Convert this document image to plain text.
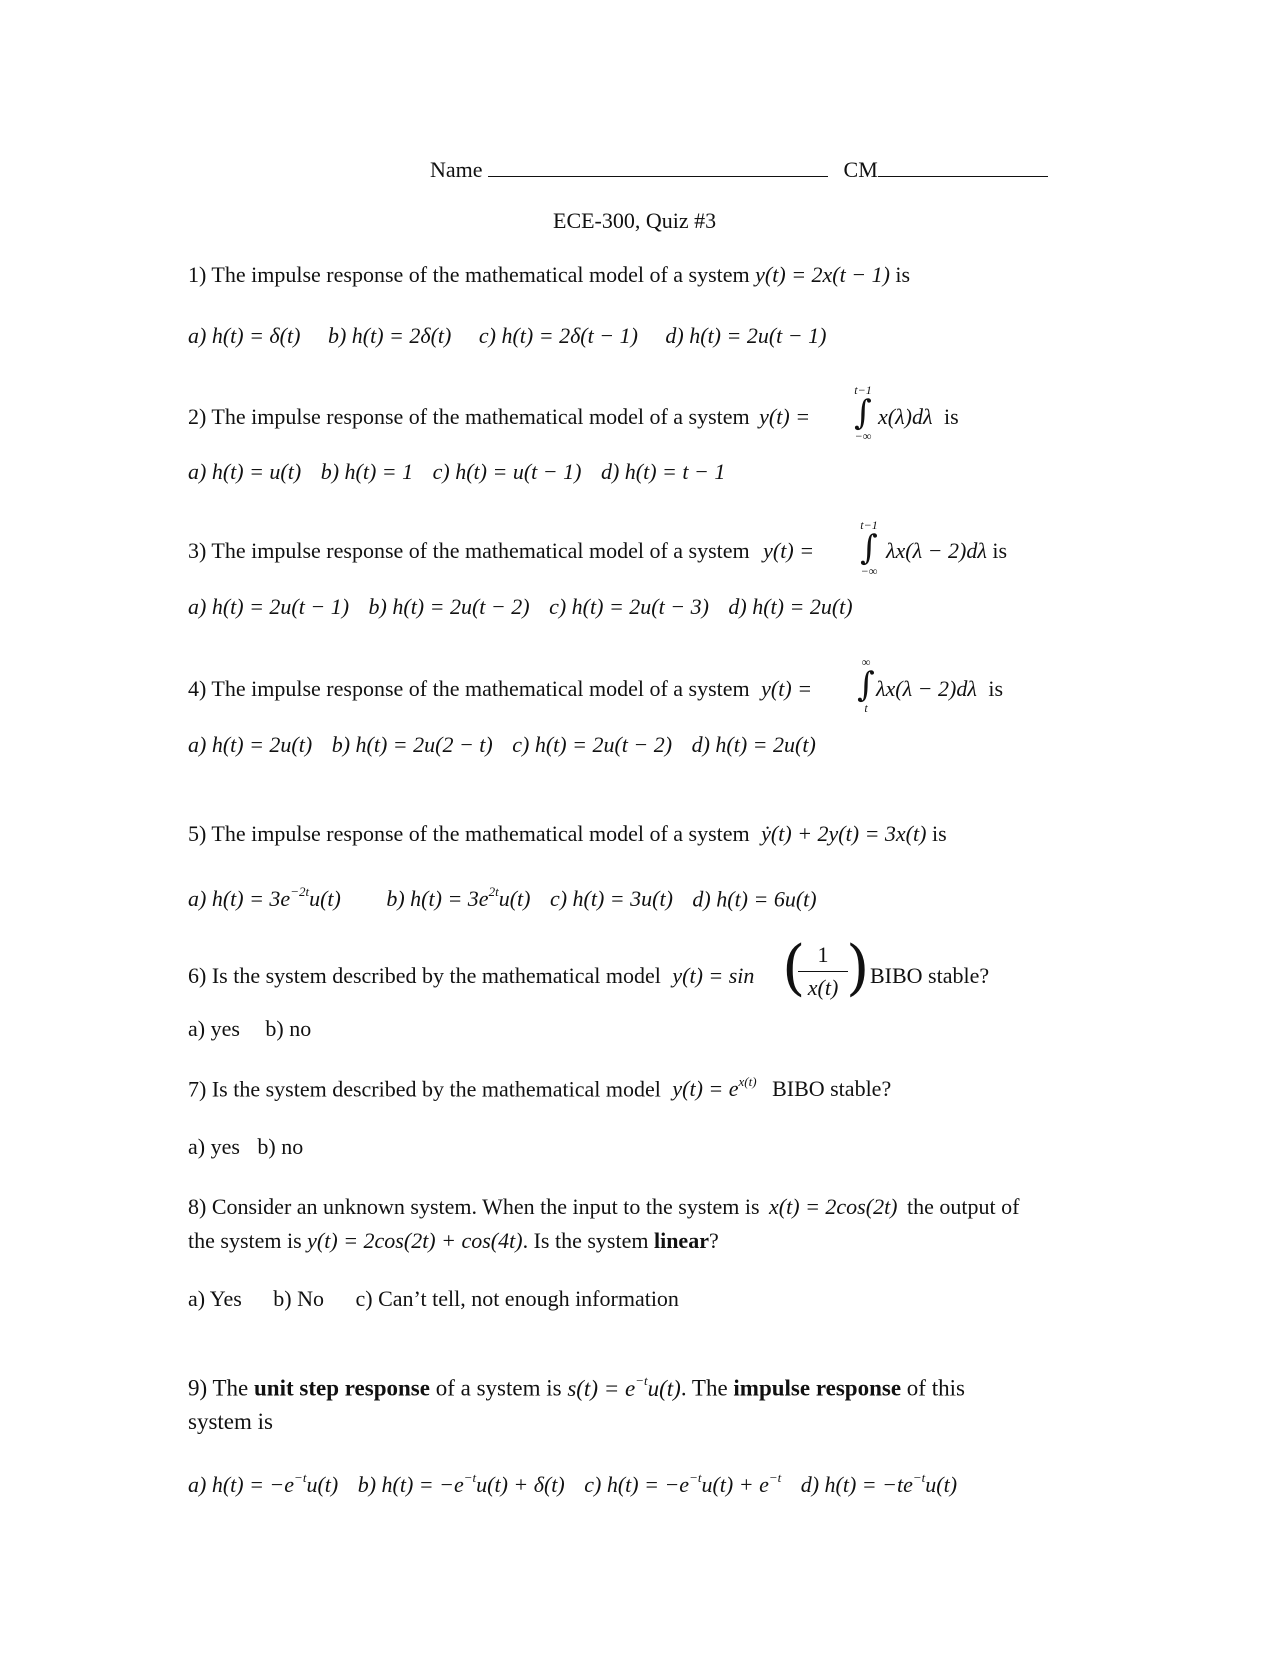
Name	CM
ECE-300, Quiz #3
1) The impulse response of the mathematical model of a system y(t) = 2x(t − 1) is
a) h(t) = δ(t) b) h(t) = 2δ(t) c) h(t) = 2δ(t − 1) d) h(t) = 2u(t − 1)
2) The impulse response of the mathematical model of a system y(t) =
t−1
∫
−∞
x(λ)dλ is
a) h(t) = u(t) b) h(t) = 1 c) h(t) = u(t − 1) d) h(t) = t − 1
3) The impulse response of the mathematical model of a system y(t) =
t−1
∫
−∞
λx(λ − 2)dλ is
a) h(t) = 2u(t − 1) b) h(t) = 2u(t − 2) c) h(t) = 2u(t − 3) d) h(t) = 2u(t)
4) The impulse response of the mathematical model of a system y(t) =
∞
∫
t
λx(λ − 2)dλ is
a) h(t) = 2u(t) b) h(t) = 2u(2 − t) c) h(t) = 2u(t − 2) d) h(t) = 2u(t)
5) The impulse response of the mathematical model of a system ẏ(t) + 2y(t) = 3x(t) is
a) $h(t) = 3e^{-2t}u(t)$ b) $h(t) = 3e^{2t}u(t)$ c) h(t) = 3u(t) d) h(t) = 6u(t)
6) Is the system described by the mathematical model y(t) = sin (
$\frac{1}{x(t)}$
) BIBO stable?
a) yes b) no
7) Is the system described by the mathematical model $y(t) = e^{x(t)}$ BIBO stable?
a) yes b) no
8) Consider an unknown system. When the input to the system is x(t) = 2cos(2t) the output of
the system is y(t) = 2cos(2t) + cos(4t). Is the system linear?
a) Yes b) No c) Can’t tell, not enough information
9) The unit step response of a system is $s(t) = e^{-t}u(t)$. The impulse response of this
system is
a) $h(t) = -e^{-t}u(t)$ b) $h(t) = -e^{-t}u(t) + \delta(t)$ c) $h(t) = -e^{-t}u(t) + e^{-t}$ d) $h(t) = -te^{-t}u(t)$
